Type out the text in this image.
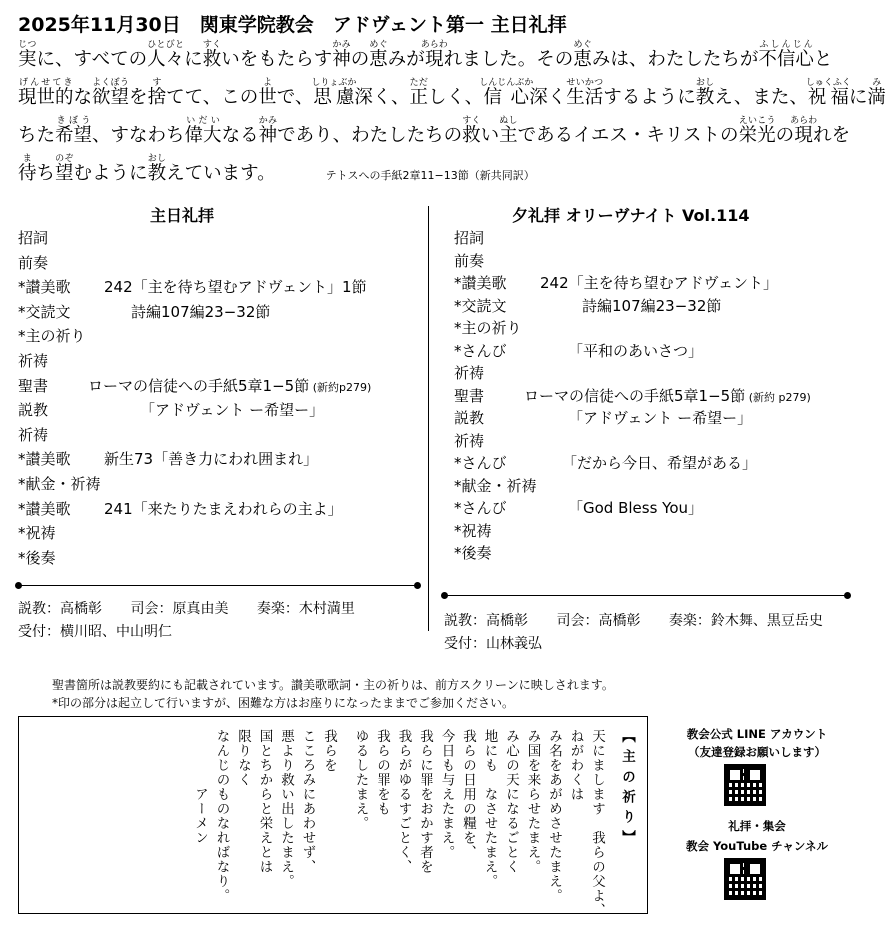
2025年11月30日　関東学院教会　アドヴェント第一 主日礼拝
実じつに、すべての人々ひとびとに救すくいをもたらす神かみの恵めぐみが現あらわれました。その恵めぐみは、わたしたちが不信心ふしんじんと
現世的げんせてきな欲望よくぼうを捨すてて、この世よで、思慮しりょぶか深く、正ただしく、信心しんじんぶか深く生活せいかつするように教おしえ、また、祝福しゅくふくに満み
ちた希望きぼう、すなわち偉大いだいなる神かみであり、わたしたちの救すくい主ぬしであるイエス・キリストの栄光えいこうの現あらわれを
待まち望のぞむように教おしえています。	テトスへの手紙2章11−13節（新共同訳）
主日礼拝	夕礼拝 オリーヴナイト Vol.114
招詞
前奏
*讃美歌 242「主を待ち望むアドヴェント」1節
*交読文	詩編107編23−32節
*主の祈り
祈祷
聖書	ローマの信徒への手紙5章1−5節 (新約p279)
説教	「アドヴェント ー希望ー」
祈祷
*讃美歌 新生73「善き力にわれ囲まれ」
*献金・祈祷
*讃美歌 241「来たりたまえわれらの主よ」
*祝祷
*後奏
招詞
前奏
*讃美歌 242「主を待ち望むアドヴェント」
*交読文	詩編107編23−32節
*主の祈り
*さんび	「平和のあいさつ」
祈祷
聖書	ローマの信徒への手紙5章1−5節 (新約 p279)
説教	「アドヴェント ー希望ー」
祈祷
*さんび	「だから今日、希望がある」
*献金・祈祷
*さんび	「God Bless You」
*祝祷
*後奏
説教：高橋彰 司会：原真由美 奏楽：木村満里
受付：横川昭、中山明仁
説教：高橋彰 司会：高橋彰 奏楽：鈴木舞、黒豆岳史
受付：山林義弘
聖書箇所は説教要約にも記載されています。讃美歌歌詞・主の祈りは、前方スクリーンに映しされます。
*印の部分は起立して行いますが、困難な方はお座りになったままでご参加ください。
【 主 の 祈 り 】
天にまします　我らの父よ、
ねがわくは
み名をあがめさせたまえ。
み国を来らせたまえ。
み心の天になるごとく
地にも　なさせたまえ。
我らの日用の糧を、
今日も与えたまえ。
我らに罪をおかす者を
我らがゆるすごとく、
我らの罪をも
ゆるしたまえ。
我らを
こころみにあわせず、
悪より救い出したまえ。
国とちからと栄えとは
限りなく
なんじのものなればなり。
アーメン
教会公式 LINE アカウント
（友達登録お願いします）
礼拝・集会
教会 YouTube チャンネル
